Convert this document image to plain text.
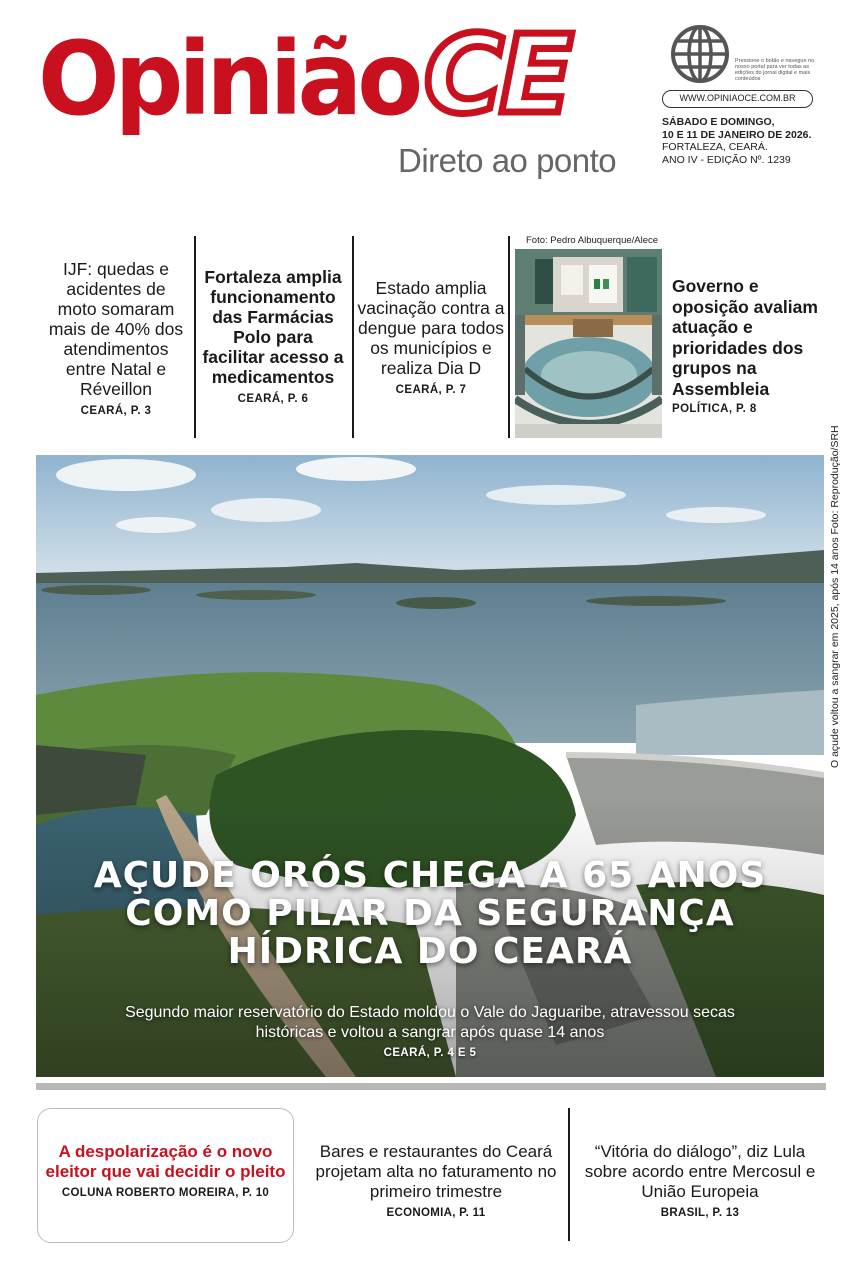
OpiniãoCE
Direto ao ponto
Pressione o botão e navegue no nosso portal para ver todas as edições do jornal digital e mais conteúdos
WWW.OPINIAOCE.COM.BR
SÁBADO E DOMINGO,
10 E 11 DE JANEIRO DE 2026.
FORTALEZA, CEARÁ.
ANO IV - EDIÇÃO Nº. 1239
IJF: quedas e acidentes de moto somaram mais de 40% dos atendimentos entre Natal e Réveillon
CEARÁ, P. 3
Fortaleza amplia funcionamento das Farmácias Polo para facilitar acesso a medicamentos
CEARÁ, P. 6
Estado amplia vacinação contra a dengue para todos os municípios e realiza Dia D
CEARÁ, P. 7
Foto: Pedro Albuquerque/Alece
Governo e oposição avaliam atuação e prioridades dos grupos na Assembleia
POLÍTICA, P. 8
AÇUDE ORÓS CHEGA A 65 ANOS
COMO PILAR DA SEGURANÇA
HÍDRICA DO CEARÁ
Segundo maior reservatório do Estado moldou o Vale do Jaguaribe, atravessou secas históricas e voltou a sangrar após quase 14 anos
CEARÁ, P. 4 E 5
O açude voltou a sangrar em 2025, após 14 anos Foto: Reprodução/SRH
A despolarização é o novo eleitor que vai decidir o pleito
COLUNA ROBERTO MOREIRA, P. 10
Bares e restaurantes do Ceará projetam alta no faturamento no primeiro trimestre
ECONOMIA, P. 11
“Vitória do diálogo”, diz Lula sobre acordo entre Mercosul e União Europeia
BRASIL, P. 13
